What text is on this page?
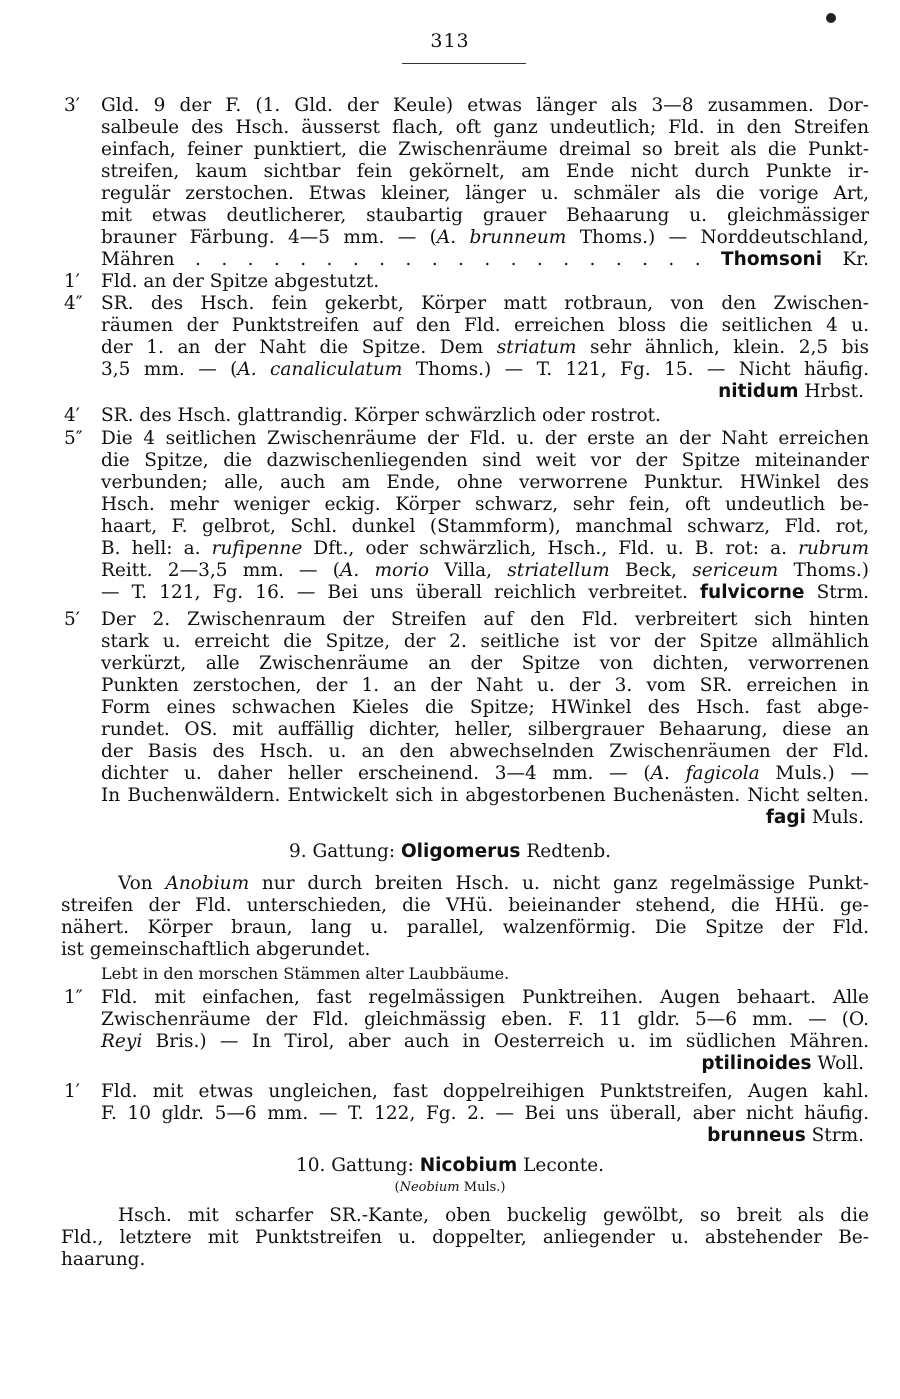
313
3′ Gld. 9 der F. (1. Gld. der Keule) etwas länger als 3—8 zusammen. Dor-
salbeule des Hsch. äusserst flach, oft ganz undeutlich; Fld. in den Streifen
einfach, feiner punktiert, die Zwischenräume dreimal so breit als die Punkt-
streifen, kaum sichtbar fein gekörnelt, am Ende nicht durch Punkte ir-
regulär zerstochen. Etwas kleiner, länger u. schmäler als die vorige Art,
mit etwas deutlicherer, staubartig grauer Behaarung u. gleichmässiger
brauner Färbung. 4—5 mm. — (A. brunneum Thoms.) — Norddeutschland,
Mähren . . . . . . . . . . . . . . . . . . . . Thomsoni Kr.
1′ Fld. an der Spitze abgestutzt.
4″ SR. des Hsch. fein gekerbt, Körper matt rotbraun, von den Zwischen-
räumen der Punktstreifen auf den Fld. erreichen bloss die seitlichen 4 u.
der 1. an der Naht die Spitze. Dem striatum sehr ähnlich, klein. 2,5 bis
3,5 mm. — (A. canaliculatum Thoms.) — T. 121, Fg. 15. — Nicht häufig.
nitidum Hrbst.
4′ SR. des Hsch. glattrandig. Körper schwärzlich oder rostrot.
5″ Die 4 seitlichen Zwischenräume der Fld. u. der erste an der Naht erreichen
die Spitze, die dazwischenliegenden sind weit vor der Spitze miteinander
verbunden; alle, auch am Ende, ohne verworrene Punktur. HWinkel des
Hsch. mehr weniger eckig. Körper schwarz, sehr fein, oft undeutlich be-
haart, F. gelbrot, Schl. dunkel (Stammform), manchmal schwarz, Fld. rot,
B. hell: a. rufipenne Dft., oder schwärzlich, Hsch., Fld. u. B. rot: a. rubrum
Reitt. 2—3,5 mm. — (A. morio Villa, striatellum Beck, sericeum Thoms.)
— T. 121, Fg. 16. — Bei uns überall reichlich verbreitet. fulvicorne Strm.
5′ Der 2. Zwischenraum der Streifen auf den Fld. verbreitert sich hinten
stark u. erreicht die Spitze, der 2. seitliche ist vor der Spitze allmählich
verkürzt, alle Zwischenräume an der Spitze von dichten, verworrenen
Punkten zerstochen, der 1. an der Naht u. der 3. vom SR. erreichen in
Form eines schwachen Kieles die Spitze; HWinkel des Hsch. fast abge-
rundet. OS. mit auffällig dichter, heller, silbergrauer Behaarung, diese an
der Basis des Hsch. u. an den abwechselnden Zwischenräumen der Fld.
dichter u. daher heller erscheinend. 3—4 mm. — (A. fagicola Muls.) —
In Buchenwäldern. Entwickelt sich in abgestorbenen Buchenästen. Nicht selten.
fagi Muls.
9. Gattung: Oligomerus Redtenb.
Von Anobium nur durch breiten Hsch. u. nicht ganz regelmässige Punkt-
streifen der Fld. unterschieden, die VHü. beieinander stehend, die HHü. ge-
nähert. Körper braun, lang u. parallel, walzenförmig. Die Spitze der Fld.
ist gemeinschaftlich abgerundet.
Lebt in den morschen Stämmen alter Laubbäume.
1″ Fld. mit einfachen, fast regelmässigen Punktreihen. Augen behaart. Alle
Zwischenräume der Fld. gleichmässig eben. F. 11 gldr. 5—6 mm. — (O.
Reyi Bris.) — In Tirol, aber auch in Oesterreich u. im südlichen Mähren.
ptilinoides Woll.
1′ Fld. mit etwas ungleichen, fast doppelreihigen Punktstreifen, Augen kahl.
F. 10 gldr. 5—6 mm. — T. 122, Fg. 2. — Bei uns überall, aber nicht häufig.
brunneus Strm.
10. Gattung: Nicobium Leconte.
(Neobium Muls.)
Hsch. mit scharfer SR.-Kante, oben buckelig gewölbt, so breit als die
Fld., letztere mit Punktstreifen u. doppelter, anliegender u. abstehender Be-
haarung.
